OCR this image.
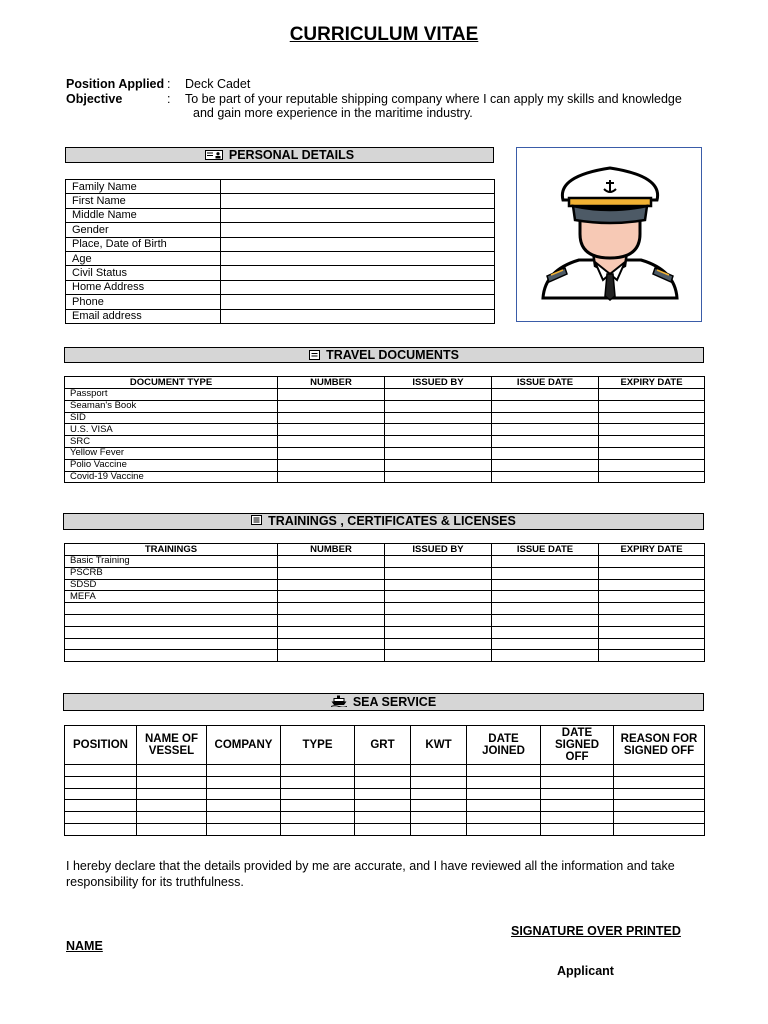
CURRICULUM VITAE
Position Applied : Deck Cadet
Objective	: To be part of your reputable shipping company where I can apply my skills and knowledge
and gain more experience in the maritime industry.
PERSONAL DETAILS
Family Name	
First Name	
Middle Name	
Gender	
Place, Date of Birth	
Age	
Civil Status	
Home Address	
Phone	
Email address	
TRAVEL DOCUMENTS
DOCUMENT TYPE	NUMBER	ISSUED BY	ISSUE DATE	EXPIRY DATE
Passport				
Seaman's Book				
SID				
U.S. VISA				
SRC				
Yellow Fever				
Polio Vaccine				
Covid-19 Vaccine				
TRAININGS , CERTIFICATES & LICENSES
TRAININGS	NUMBER	ISSUED BY	ISSUE DATE	EXPIRY DATE
Basic Training				
PSCRB				
SDSD				
MEFA				

SEA SERVICE
POSITION	NAME OF VESSEL	COMPANY	TYPE	GRT	KWT	DATE JOINED	DATE SIGNED OFF	REASON FOR SIGNED OFF

I hereby declare that the details provided by me are accurate, and I have reviewed all the information and take responsibility for its truthfulness.
SIGNATURE OVER PRINTED
NAME
Applicant
